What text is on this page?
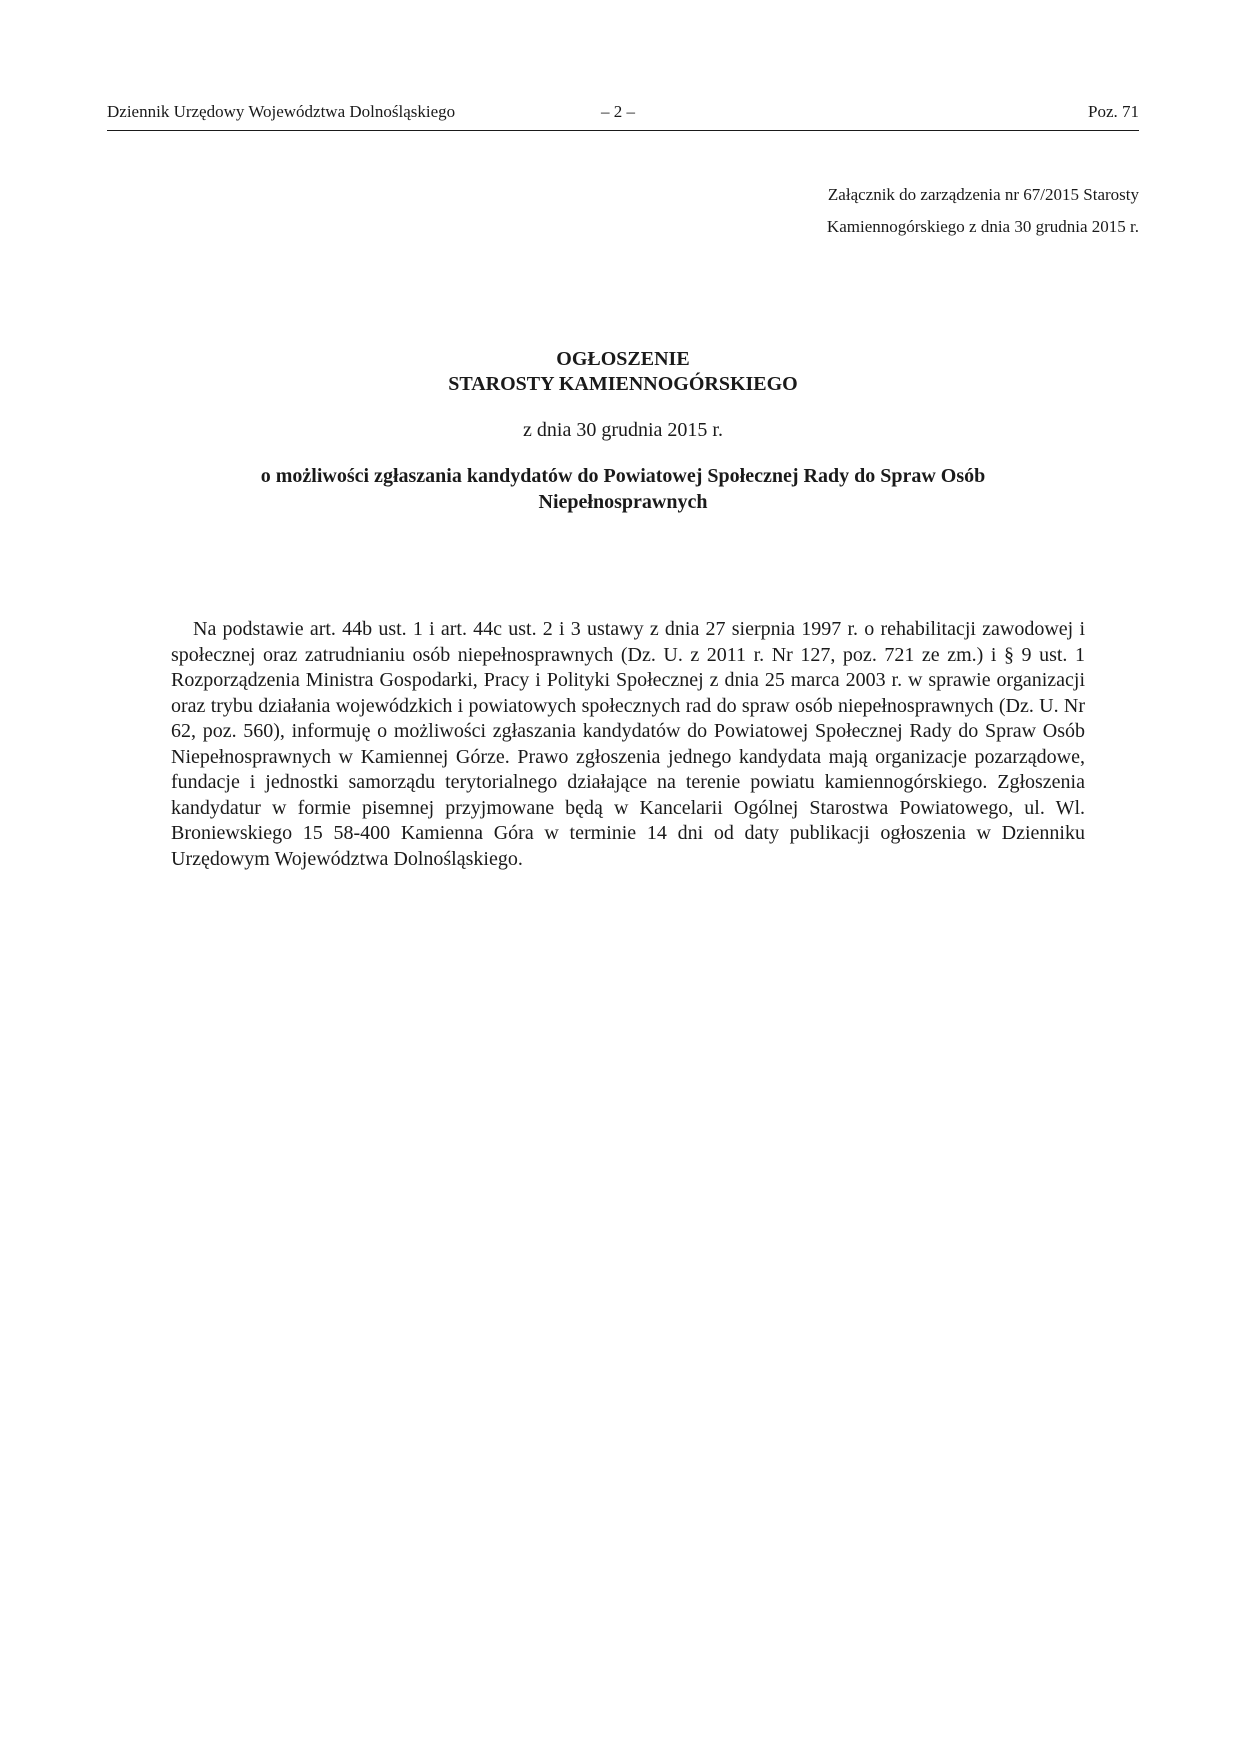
Dziennik Urzędowy Województwa Dolnośląskiego	– 2 –	Poz. 71
Załącznik do zarządzenia nr 67/2015 Starosty
Kamiennogórskiego z dnia 30 grudnia 2015 r.
OGŁOSZENIE
STAROSTY KAMIENNOGÓRSKIEGO
z dnia 30 grudnia 2015 r.
o możliwości zgłaszania kandydatów do Powiatowej Społecznej Rady do Spraw Osób Niepełnosprawnych

Na podstawie art. 44b ust. 1 i art. 44c ust. 2 i 3 ustawy z dnia 27 sierpnia 1997 r. o rehabilitacji zawodowej i społecznej oraz zatrudnianiu osób niepełnosprawnych (Dz. U. z 2011 r. Nr 127, poz. 721 ze zm.) i § 9 ust. 1 Rozporządzenia Ministra Gospodarki, Pracy i Polityki Społecznej z dnia 25 marca 2003 r. w sprawie organizacji oraz trybu działania wojewódzkich i powiatowych społecznych rad do spraw osób niepełnosprawnych (Dz. U. Nr 62, poz. 560), informuję o możliwości zgłaszania kandydatów do Powiatowej Społecznej Rady do Spraw Osób Niepełnosprawnych w Kamiennej Górze. Prawo zgłoszenia jednego kandydata mają organizacje pozarządowe, fundacje i jednostki samorządu terytorialnego działające na terenie powiatu kamiennogórskiego. Zgłoszenia kandydatur w formie pisemnej przyjmowane będą w Kancelarii Ogólnej Starostwa Powiatowego, ul. Wl. Broniewskiego 15 58-400 Kamienna Góra w terminie 14 dni od daty publikacji ogłoszenia w Dzienniku Urzędowym Województwa Dolnośląskiego.
